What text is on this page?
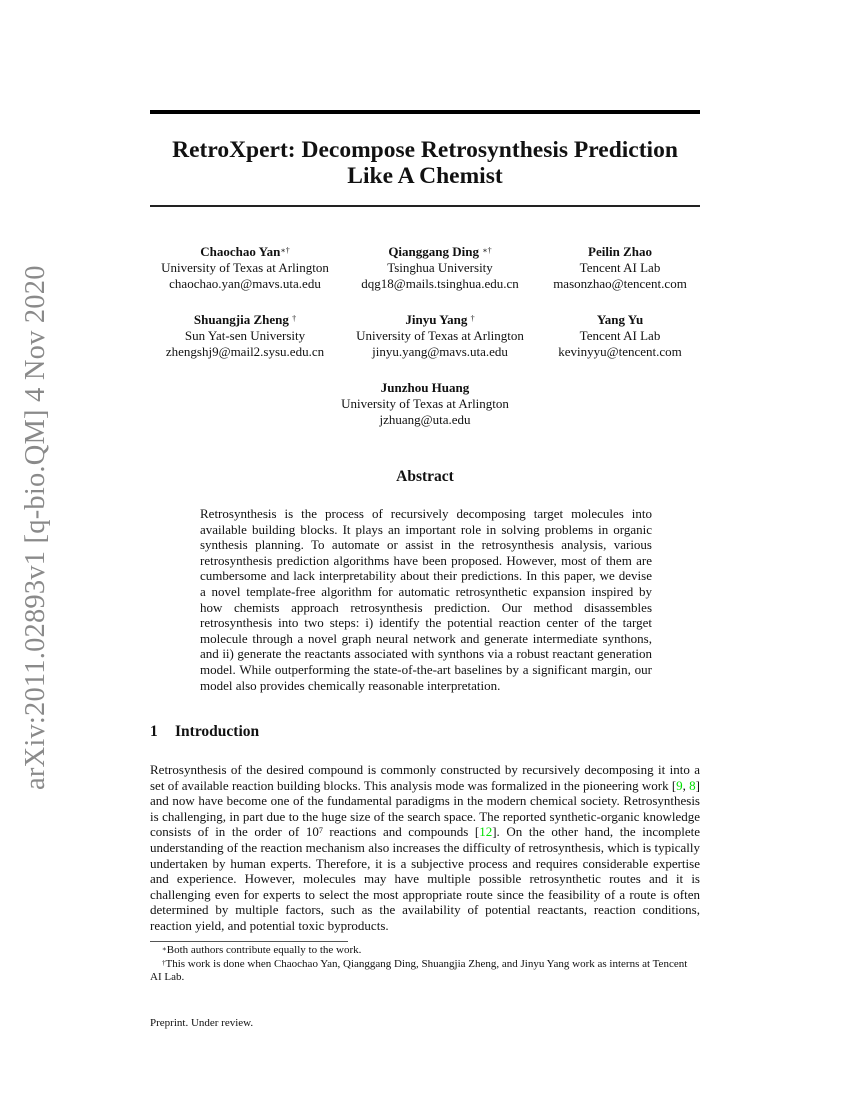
arXiv:2011.02893v1 [q-bio.QM] 4 Nov 2020
RetroXpert: Decompose Retrosynthesis Prediction
Like A Chemist
Chaochao Yan∗†
University of Texas at Arlington
chaochao.yan@mavs.uta.edu
Qianggang Ding ∗†
Tsinghua University
dqg18@mails.tsinghua.edu.cn
Peilin Zhao
Tencent AI Lab
masonzhao@tencent.com
Shuangjia Zheng †
Sun Yat-sen University
zhengshj9@mail2.sysu.edu.cn
Jinyu Yang †
University of Texas at Arlington
jinyu.yang@mavs.uta.edu
Yang Yu
Tencent AI Lab
kevinyyu@tencent.com
Junzhou Huang
University of Texas at Arlington
jzhuang@uta.edu
Abstract

Retrosynthesis is the process of recursively decomposing target molecules into available building blocks. It plays an important role in solving problems in organic synthesis planning. To automate or assist in the retrosynthesis analysis, various retrosynthesis prediction algorithms have been proposed. However, most of them are cumbersome and lack interpretability about their predictions. In this paper, we devise a novel template-free algorithm for automatic retrosynthetic expansion inspired by how chemists approach retrosynthesis prediction. Our method disassembles retrosynthesis into two steps: i) identify the potential reaction center of the target molecule through a novel graph neural network and generate intermediate synthons, and ii) generate the reactants associated with synthons via a robust reactant generation model. While outperforming the state-of-the-art baselines by a significant margin, our model also provides chemically reasonable interpretation.

1 Introduction

Retrosynthesis of the desired compound is commonly constructed by recursively decomposing it into a set of available reaction building blocks. This analysis mode was formalized in the pioneering work [9, 8] and now have become one of the fundamental paradigms in the modern chemical society. Retrosynthesis is challenging, in part due to the huge size of the search space. The reported synthetic-organic knowledge consists of in the order of $10^7$ reactions and compounds [12]. On the other hand, the incomplete understanding of the reaction mechanism also increases the difficulty of retrosynthesis, which is typically undertaken by human experts. Therefore, it is a subjective process and requires considerable expertise and experience. However, molecules may have multiple possible retrosynthetic routes and it is challenging even for experts to select the most appropriate route since the feasibility of a route is often determined by multiple factors, such as the availability of potential reactants, reaction conditions, reaction yield, and potential toxic byproducts.

∗Both authors contribute equally to the work.

†This work is done when Chaochao Yan, Qianggang Ding, Shuangjia Zheng, and Jinyu Yang work as interns at Tencent AI Lab.

Preprint. Under review.
